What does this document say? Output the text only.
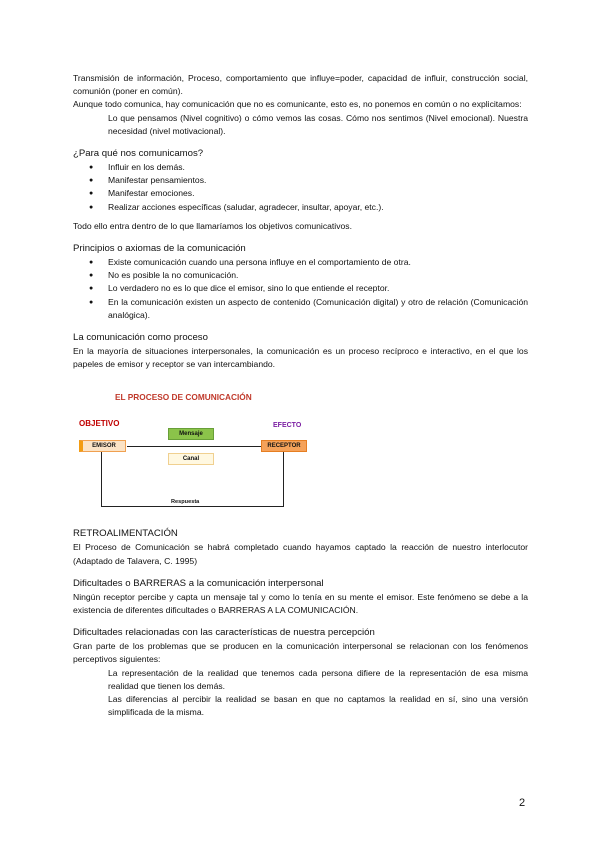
Transmisión de información, Proceso, comportamiento que influye=poder, capacidad de influir, construcción social, comunión (poner en común).

Aunque todo comunica, hay comunicación que no es comunicante, esto es, no ponemos en común o no explicitamos:

Lo que pensamos (Nivel cognitivo) o cómo vemos las cosas. Cómo nos sentimos (Nivel emocional). Nuestra necesidad (nivel motivacional).

¿Para qué nos comunicamos?

● Influir en los demás.
● Manifestar pensamientos.
● Manifestar emociones.
● Realizar acciones específicas (saludar, agradecer, insultar, apoyar, etc.).

Todo ello entra dentro de lo que llamaríamos los objetivos comunicativos.

Principios o axiomas de la comunicación

● Existe comunicación cuando una persona influye en el comportamiento de otra.
● No es posible la no comunicación.
● Lo verdadero no es lo que dice el emisor, sino lo que entiende el receptor.
● En la comunicación existen un aspecto de contenido (Comunicación digital) y otro de relación (Comunicación analógica).

La comunicación como proceso

En la mayoría de situaciones interpersonales, la comunicación es un proceso recíproco e interactivo, en el que los papeles de emisor y receptor se van intercambiando.

EL PROCESO DE COMUNICACIÓN
OBJETIVO	EFECTO
Mensaje
EMISOR	RECEPTOR
Canal
Respuesta

RETROALIMENTACIÓN

El Proceso de Comunicación se habrá completado cuando hayamos captado la reacción de nuestro interlocutor (Adaptado de Talavera, C. 1995)

Dificultades o BARRERAS a la comunicación interpersonal

Ningún receptor percibe y capta un mensaje tal y como lo tenía en su mente el emisor. Este fenómeno se debe a la existencia de diferentes dificultades o BARRERAS A LA COMUNICACIÓN.

Dificultades relacionadas con las características de nuestra percepción

Gran parte de los problemas que se producen en la comunicación interpersonal se relacionan con los fenómenos perceptivos siguientes:

La representación de la realidad que tenemos cada persona difiere de la representación de esa misma realidad que tienen los demás.

Las diferencias al percibir la realidad se basan en que no captamos la realidad en sí, sino una versión simplificada de la misma.

2
